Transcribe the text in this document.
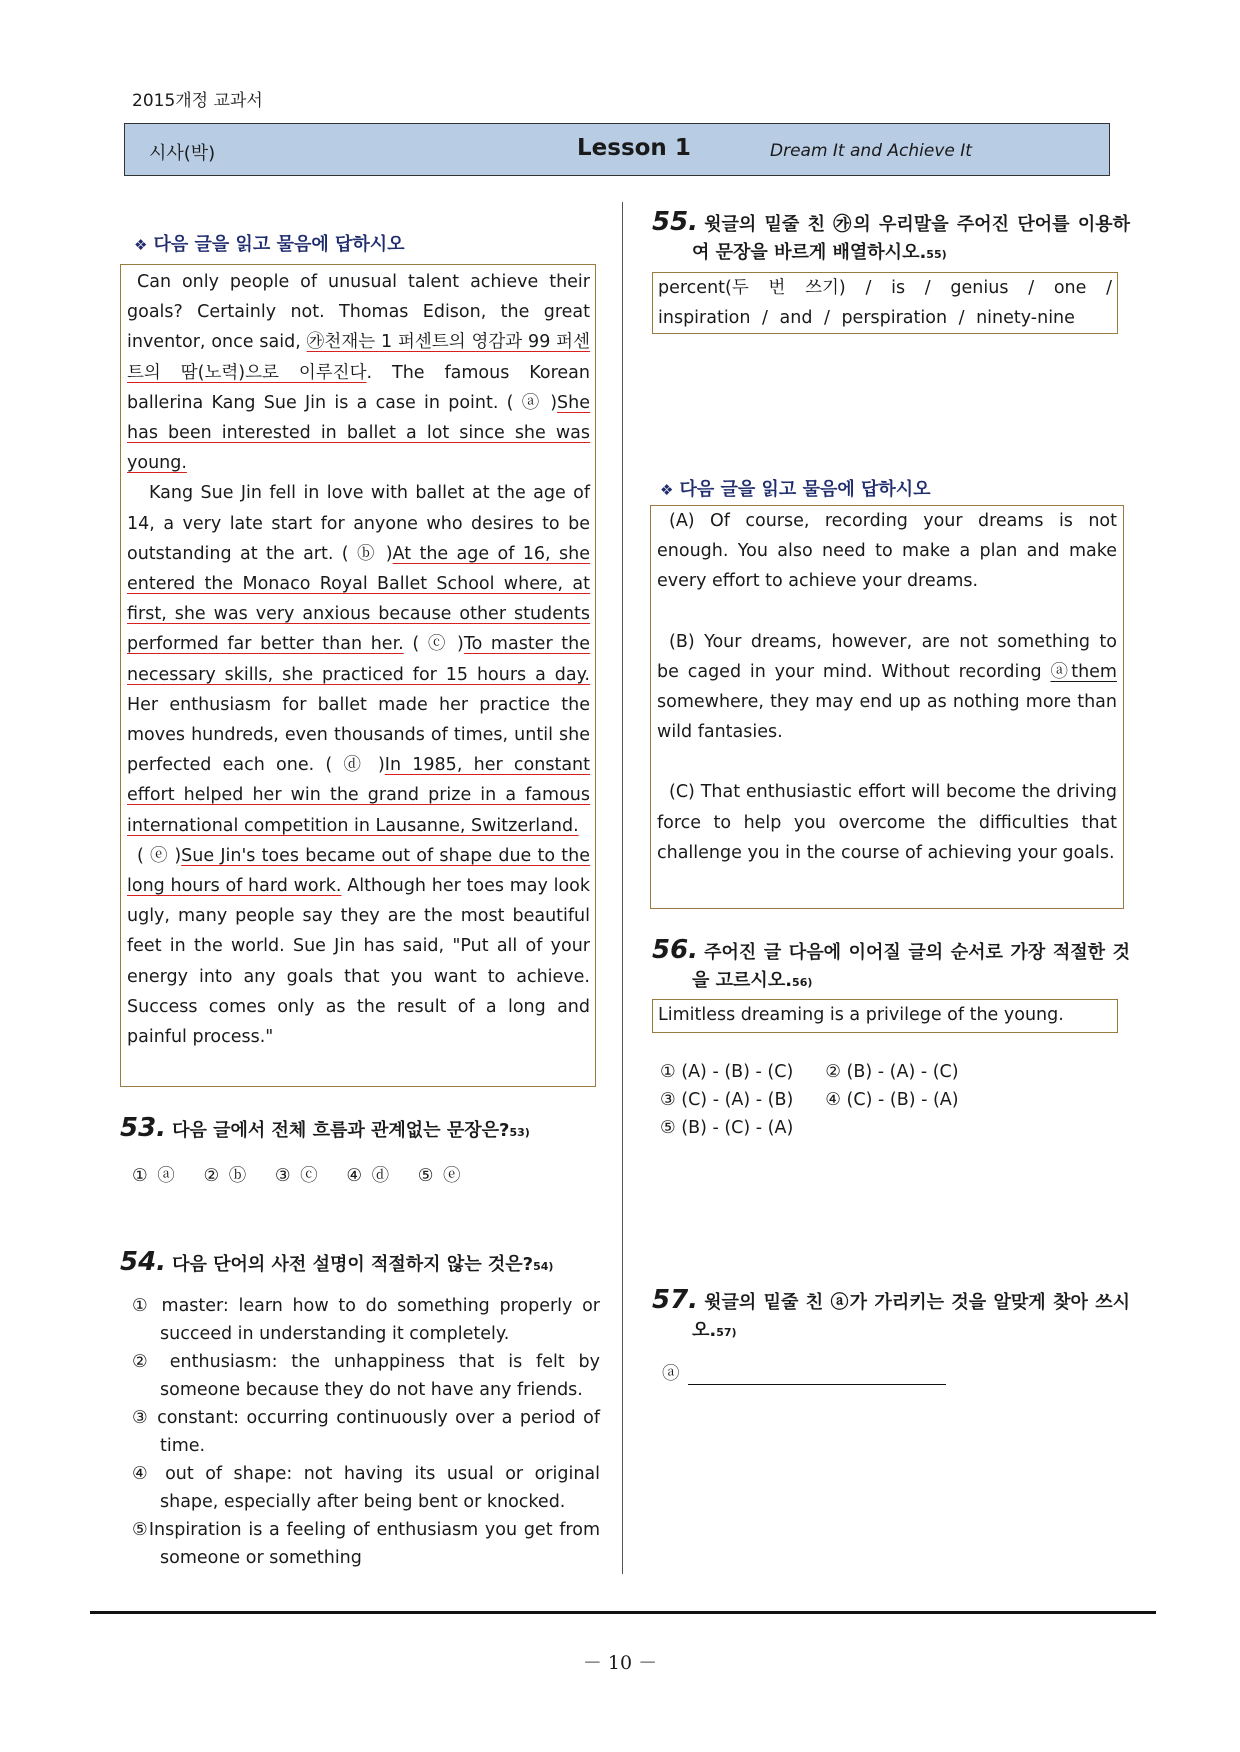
2015개정 교과서
시사(박)	Lesson 1	Dream It and Achieve It
❖ 다음 글을 읽고 물음에 답하시오

Can only people of unusual talent achieve their goals? Certainly not. Thomas Edison, the great inventor, once said, ㉮천재는 1 퍼센트의 영감과 99 퍼센트의 땀(노력)으로 이루진다. The famous Korean ballerina Kang Sue Jin is a case in point. ( ⓐ )She has been interested in ballet a lot since she was young.

Kang Sue Jin fell in love with ballet at the age of 14, a very late start for anyone who desires to be outstanding at the art. ( ⓑ )At the age of 16, she entered the Monaco Royal Ballet School where, at first, she was very anxious because other students performed far better than her. ( ⓒ )To master the necessary skills, she practiced for 15 hours a day. Her enthusiasm for ballet made her practice the moves hundreds, even thousands of times, until she perfected each one. ( ⓓ )In 1985, her constant effort helped her win the grand prize in a famous international competition in Lausanne, Switzerland.

( ⓔ )Sue Jin's toes became out of shape due to the long hours of hard work. Although her toes may look ugly, many people say they are the most beautiful feet in the world. Sue Jin has said, "Put all of your energy into any goals that you want to achieve. Success comes only as the result of a long and painful process."

53. 다음 글에서 전체 흐름과 관계없는 문장은?53)
① ⓐ   ② ⓑ   ③ ⓒ   ④ ⓓ   ⑤ ⓔ
54. 다음 단어의 사전 설명이 적절하지 않는 것은?54)
① master: learn how to do something properly or succeed in understanding it completely.
② enthusiasm: the unhappiness that is felt by someone because they do not have any friends.
③ constant: occurring continuously over a period of time.
④ out of shape: not having its usual or original shape, especially after being bent or knocked.
⑤Inspiration is a feeling of enthusiasm you get from someone or something
55. 윗글의 밑줄 친 ㉮의 우리말을 주어진 단어를 이용하여 문장을 바르게 배열하시오.55)
percent(두 번 쓰기) / is / genius / one / inspiration / and / perspiration / ninety-nine
❖ 다음 글을 읽고 물음에 답하시오

(A) Of course, recording your dreams is not enough. You also need to make a plan and make every effort to achieve your dreams.

(B) Your dreams, however, are not something to be caged in your mind. Without recording ⓐthem somewhere, they may end up as nothing more than wild fantasies.

(C) That enthusiastic effort will become the driving force to help you overcome the difficulties that challenge you in the course of achieving your goals.

56. 주어진 글 다음에 이어질 글의 순서로 가장 적절한 것을 고르시오.56)
Limitless dreaming is a privilege of the young.
① (A) - (B) - (C) ② (B) - (A) - (C)
③ (C) - (A) - (B) ④ (C) - (B) - (A)
⑤ (B) - (C) - (A)
57. 윗글의 밑줄 친 ⓐ가 가리키는 것을 알맞게 찾아 쓰시오.57)
ⓐ
－ 10 －
